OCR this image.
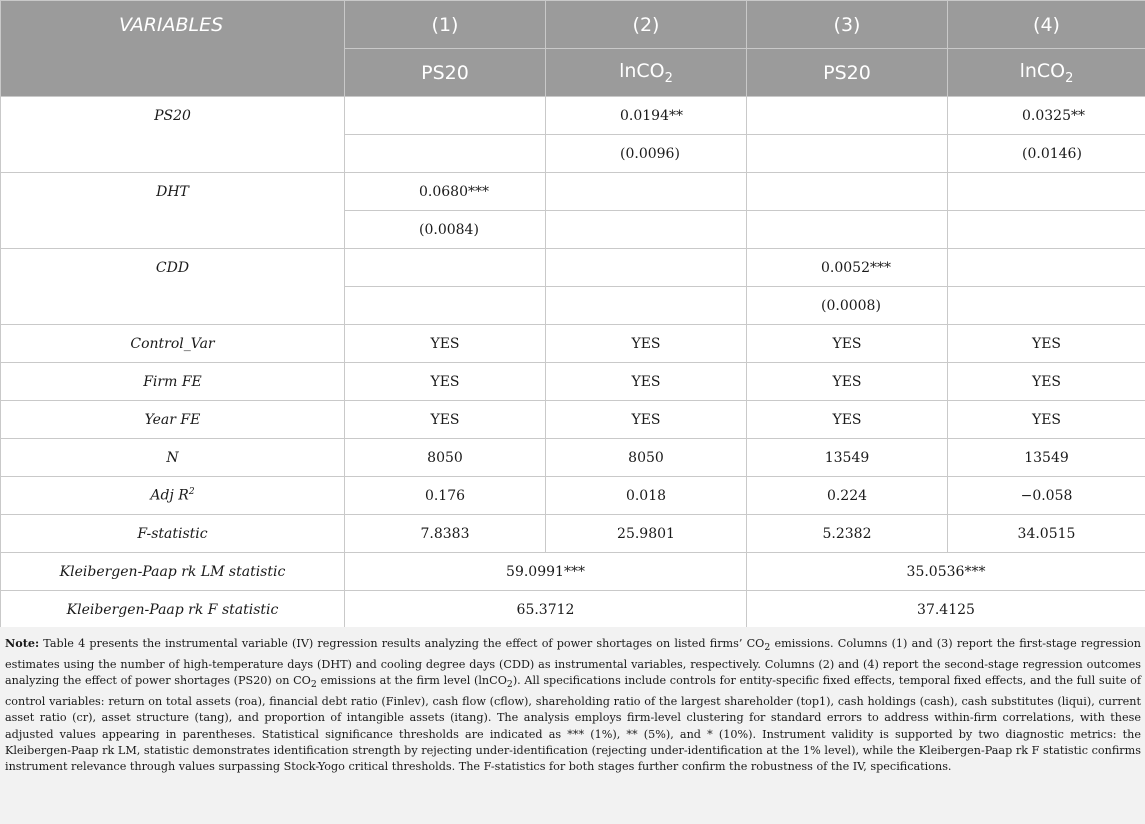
VARIABLES	(1)	(2)	(3)	(4)
	PS20	lnCO$_2$	PS20	lnCO$_2$
PS20		0.0194**		0.0325**
		(0.0096)		(0.0146)
DHT	0.0680***			
	(0.0084)			
CDD			0.0052***	
			(0.0008)	
Control_Var	YES	YES	YES	YES
Firm FE	YES	YES	YES	YES
Year FE	YES	YES	YES	YES
N	8050	8050	13549	13549
Adj $R^2$	0.176	0.018	0.224	−0.058
F-statistic	7.8383	25.9801	5.2382	34.0515
Kleibergen-Paap rk LM statistic	59.0991***		35.0536***	
Kleibergen-Paap rk F statistic	65.3712		37.4125	
Note: Table 4 presents the instrumental variable (IV) regression results analyzing the effect of power shortages on listed firms’ $CO_2$ emissions. Columns (1) and (3) report the first-stage regression estimates using the number of high-temperature days (DHT) and cooling degree days (CDD) as instrumental variables, respectively. Columns (2) and (4) report the second-stage regression outcomes analyzing the effect of power shortages (PS20) on $CO_2$ emissions at the firm level (lnCO$_2$). All specifications include controls for entity-specific fixed effects, temporal fixed effects, and the full suite of control variables: return on total assets (roa), financial debt ratio (Finlev), cash flow (cflow), shareholding ratio of the largest shareholder (top1), cash holdings (cash), cash substitutes (liqui), current asset ratio (cr), asset structure (tang), and proportion of intangible assets (itang). The analysis employs firm-level clustering for standard errors to address within-firm correlations, with these adjusted values appearing in parentheses. Statistical significance thresholds are indicated as *** (1%), ** (5%), and * (10%). Instrument validity is supported by two diagnostic metrics: the Kleibergen-Paap rk LM, statistic demonstrates identification strength by rejecting under-identification (rejecting under-identification at the 1% level), while the Kleibergen-Paap rk F statistic confirms instrument relevance through values surpassing Stock-Yogo critical thresholds. The F-statistics for both stages further confirm the robustness of the IV, specifications.
